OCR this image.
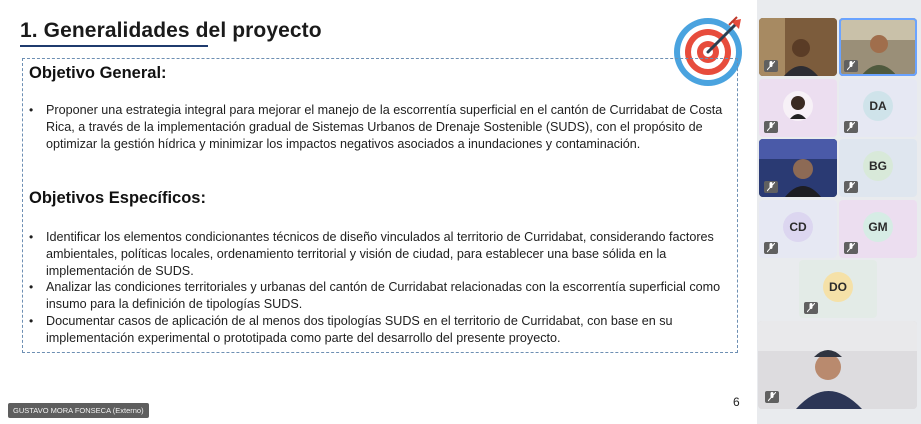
1. Generalidades del proyecto
Objetivo General:
• Proponer una estrategia integral para mejorar el manejo de la escorrentía superficial en el cantón de Curridabat de Costa Rica, a través de la implementación gradual de Sistemas Urbanos de Drenaje Sostenible (SUDS), con el propósito de optimizar la gestión hídrica y minimizar los impactos negativos asociados a inundaciones y contaminación.
Objetivos Específicos:
• Identificar los elementos condicionantes técnicos de diseño vinculados al territorio de Curridabat, considerando factores ambientales, políticas locales, ordenamiento territorial y visión de ciudad, para establecer una base sólida en la implementación de SUDS.
• Analizar las condiciones territoriales y urbanas del cantón de Curridabat relacionadas con la escorrentía superficial como insumo para la definición de tipologías SUDS.
• Documentar casos de aplicación de al menos dos tipologías SUDS en el territorio de Curridabat, con base en su implementación experimental o prototipada como parte del desarrollo del presente proyecto.
6
GUSTAVO MORA FONSECA (Externo)
DA
BG
CD	GM
DO
